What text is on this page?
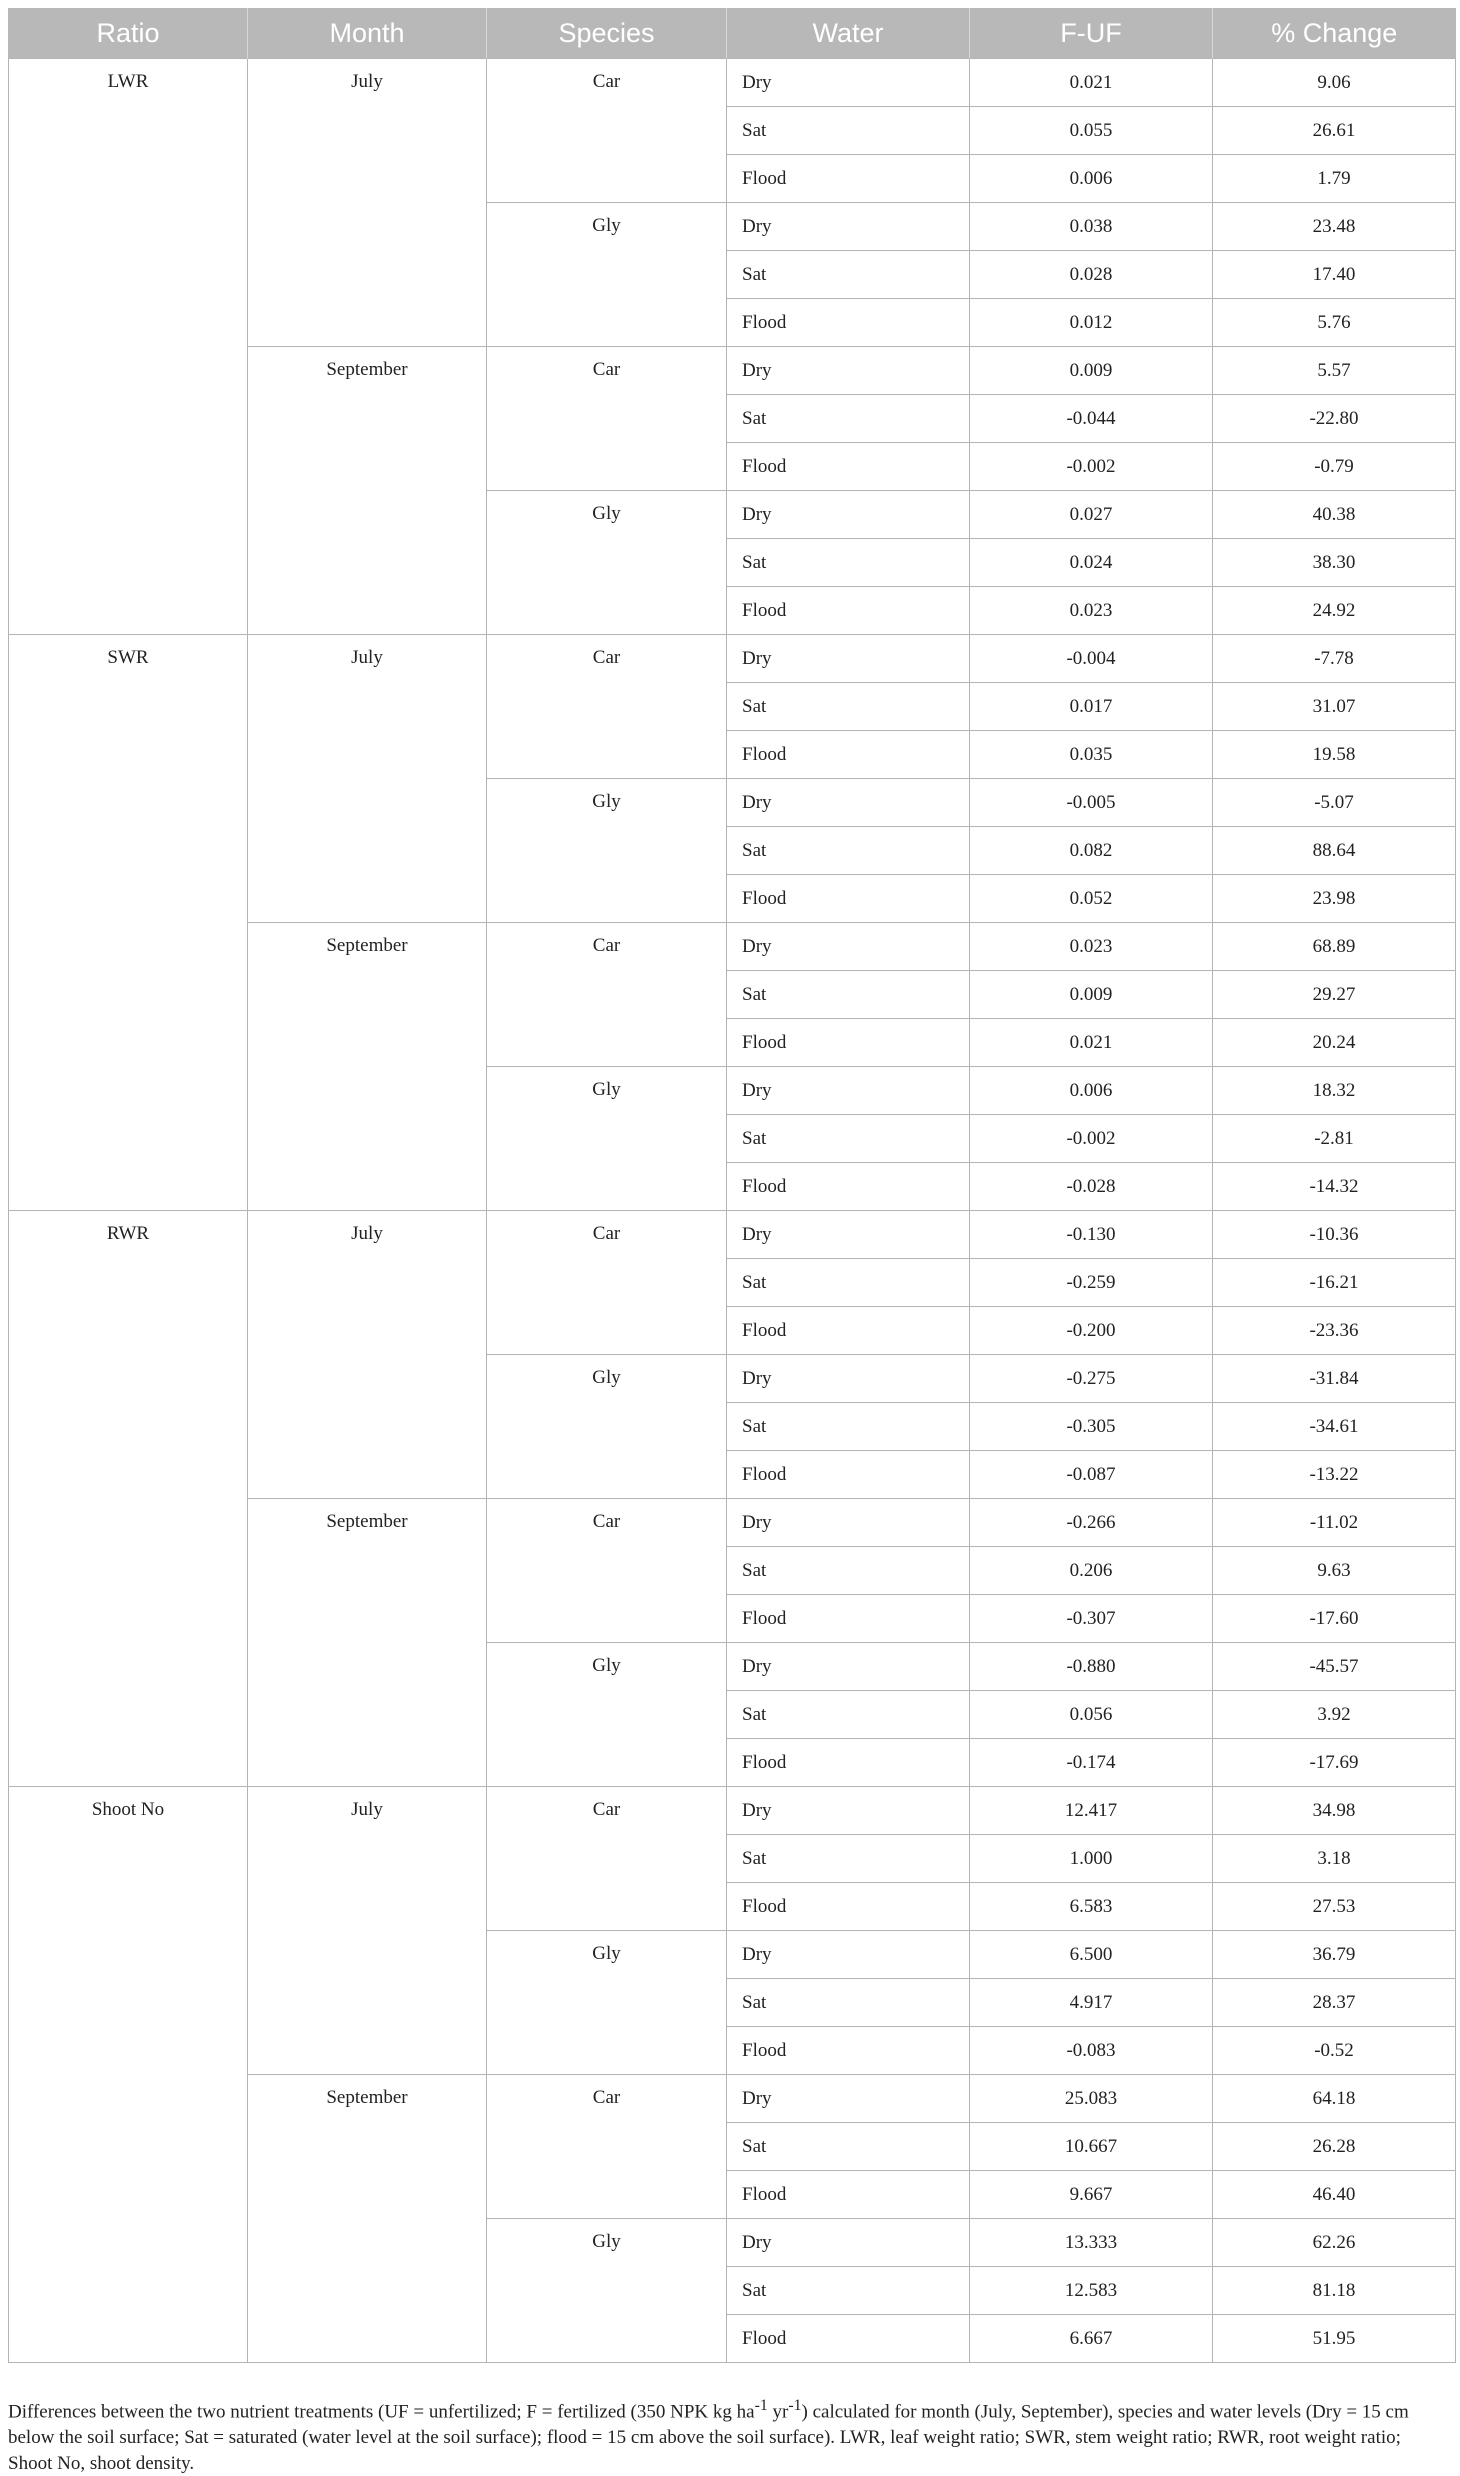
Ratio	Month	Species	Water	F-UF	% Change
LWR	July	Car	Dry	0.021	9.06
			Sat	0.055	26.61
			Flood	0.006	1.79
		Gly	Dry	0.038	23.48
			Sat	0.028	17.40
			Flood	0.012	5.76
	September	Car	Dry	0.009	5.57
			Sat	-0.044	-22.80
			Flood	-0.002	-0.79
		Gly	Dry	0.027	40.38
			Sat	0.024	38.30
			Flood	0.023	24.92
SWR	July	Car	Dry	-0.004	-7.78
			Sat	0.017	31.07
			Flood	0.035	19.58
		Gly	Dry	-0.005	-5.07
			Sat	0.082	88.64
			Flood	0.052	23.98
	September	Car	Dry	0.023	68.89
			Sat	0.009	29.27
			Flood	0.021	20.24
		Gly	Dry	0.006	18.32
			Sat	-0.002	-2.81
			Flood	-0.028	-14.32
RWR	July	Car	Dry	-0.130	-10.36
			Sat	-0.259	-16.21
			Flood	-0.200	-23.36
		Gly	Dry	-0.275	-31.84
			Sat	-0.305	-34.61
			Flood	-0.087	-13.22
	September	Car	Dry	-0.266	-11.02
			Sat	0.206	9.63
			Flood	-0.307	-17.60
		Gly	Dry	-0.880	-45.57
			Sat	0.056	3.92
			Flood	-0.174	-17.69
Shoot No	July	Car	Dry	12.417	34.98
			Sat	1.000	3.18
			Flood	6.583	27.53
		Gly	Dry	6.500	36.79
			Sat	4.917	28.37
			Flood	-0.083	-0.52
	September	Car	Dry	25.083	64.18
			Sat	10.667	26.28
			Flood	9.667	46.40
		Gly	Dry	13.333	62.26
			Sat	12.583	81.18
			Flood	6.667	51.95
Differences between the two nutrient treatments (UF = unfertilized; F = fertilized (350 NPK kg $ha^{-1}$ $yr^{-1}$) calculated for month (July, September), species and water levels (Dry = 15 cm below the soil surface; Sat = saturated (water level at the soil surface); flood = 15 cm above the soil surface). LWR, leaf weight ratio; SWR, stem weight ratio; RWR, root weight ratio; Shoot No, shoot density.
